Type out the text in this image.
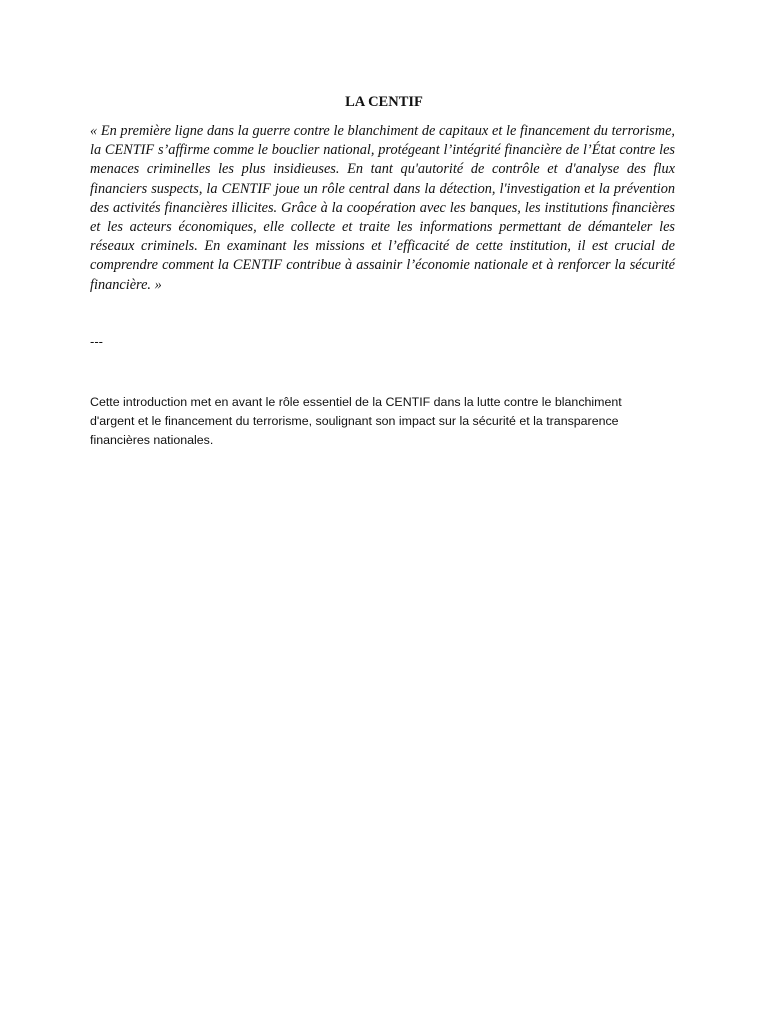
LA CENTIF

« En première ligne dans la guerre contre le blanchiment de capitaux et le financement du terrorisme, la CENTIF s’affirme comme le bouclier national, protégeant l’intégrité financière de l’État contre les menaces criminelles les plus insidieuses. En tant qu'autorité de contrôle et d'analyse des flux financiers suspects, la CENTIF joue un rôle central dans la détection, l'investigation et la prévention des activités financières illicites. Grâce à la coopération avec les banques, les institutions financières et les acteurs économiques, elle collecte et traite les informations permettant de démanteler les réseaux criminels. En examinant les missions et l’efficacité de cette institution, il est crucial de comprendre comment la CENTIF contribue à assainir l’économie nationale et à renforcer la sécurité financière. »

---

Cette introduction met en avant le rôle essentiel de la CENTIF dans la lutte contre le blanchiment d'argent et le financement du terrorisme, soulignant son impact sur la sécurité et la transparence financières nationales.
